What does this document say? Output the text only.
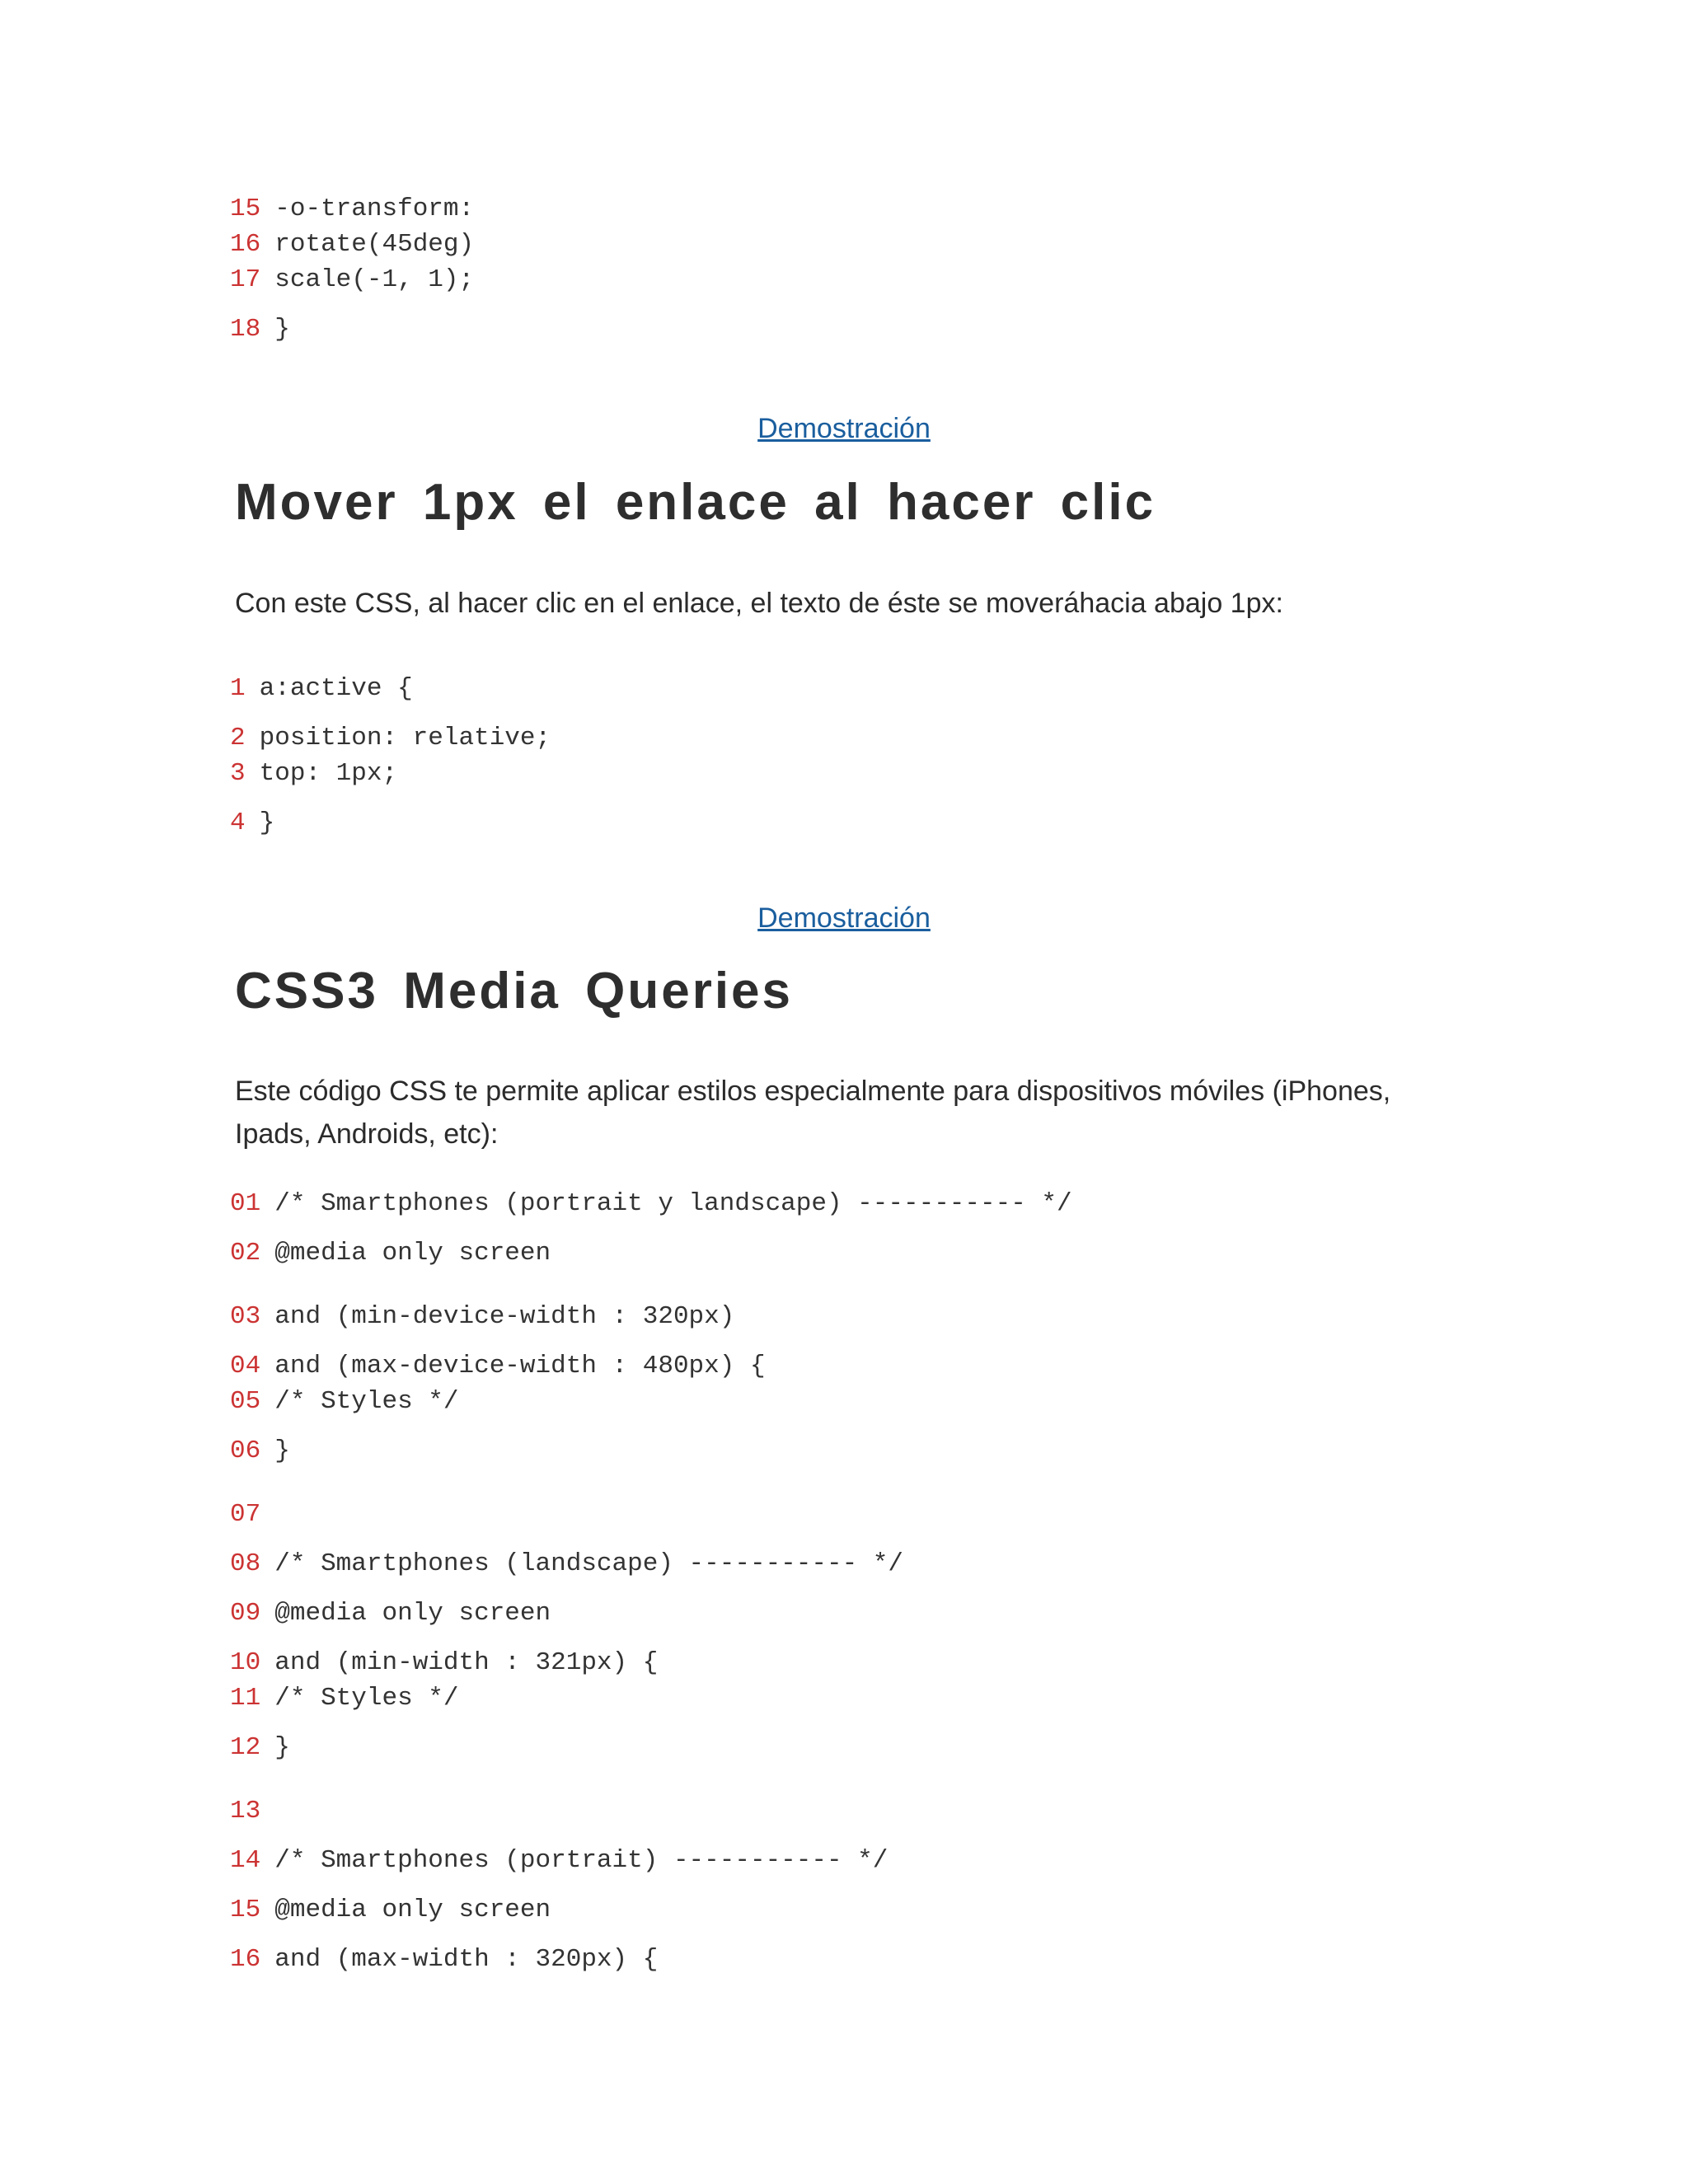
15 -o-transform:
16 rotate(45deg)
17 scale(-1, 1);
18 }
Demostración
Mover 1px el enlace al hacer clic
Con este CSS, al hacer clic en el enlace, el texto de éste se moveráhacia abajo 1px:
1 a:active {
2 position: relative;
3 top: 1px;
4 }
Demostración
CSS3 Media Queries
Este código CSS te permite aplicar estilos especialmente para dispositivos móviles (iPhones, Ipads, Androids, etc):
01 /* Smartphones (portrait y landscape) ----------- */
02 @media only screen
03 and (min-device-width : 320px)
04 and (max-device-width : 480px) {
05 /* Styles */
06 }
07
08 /* Smartphones (landscape) ----------- */
09 @media only screen
10 and (min-width : 321px) {
11 /* Styles */
12 }
13
14 /* Smartphones (portrait) ----------- */
15 @media only screen
16 and (max-width : 320px) {
